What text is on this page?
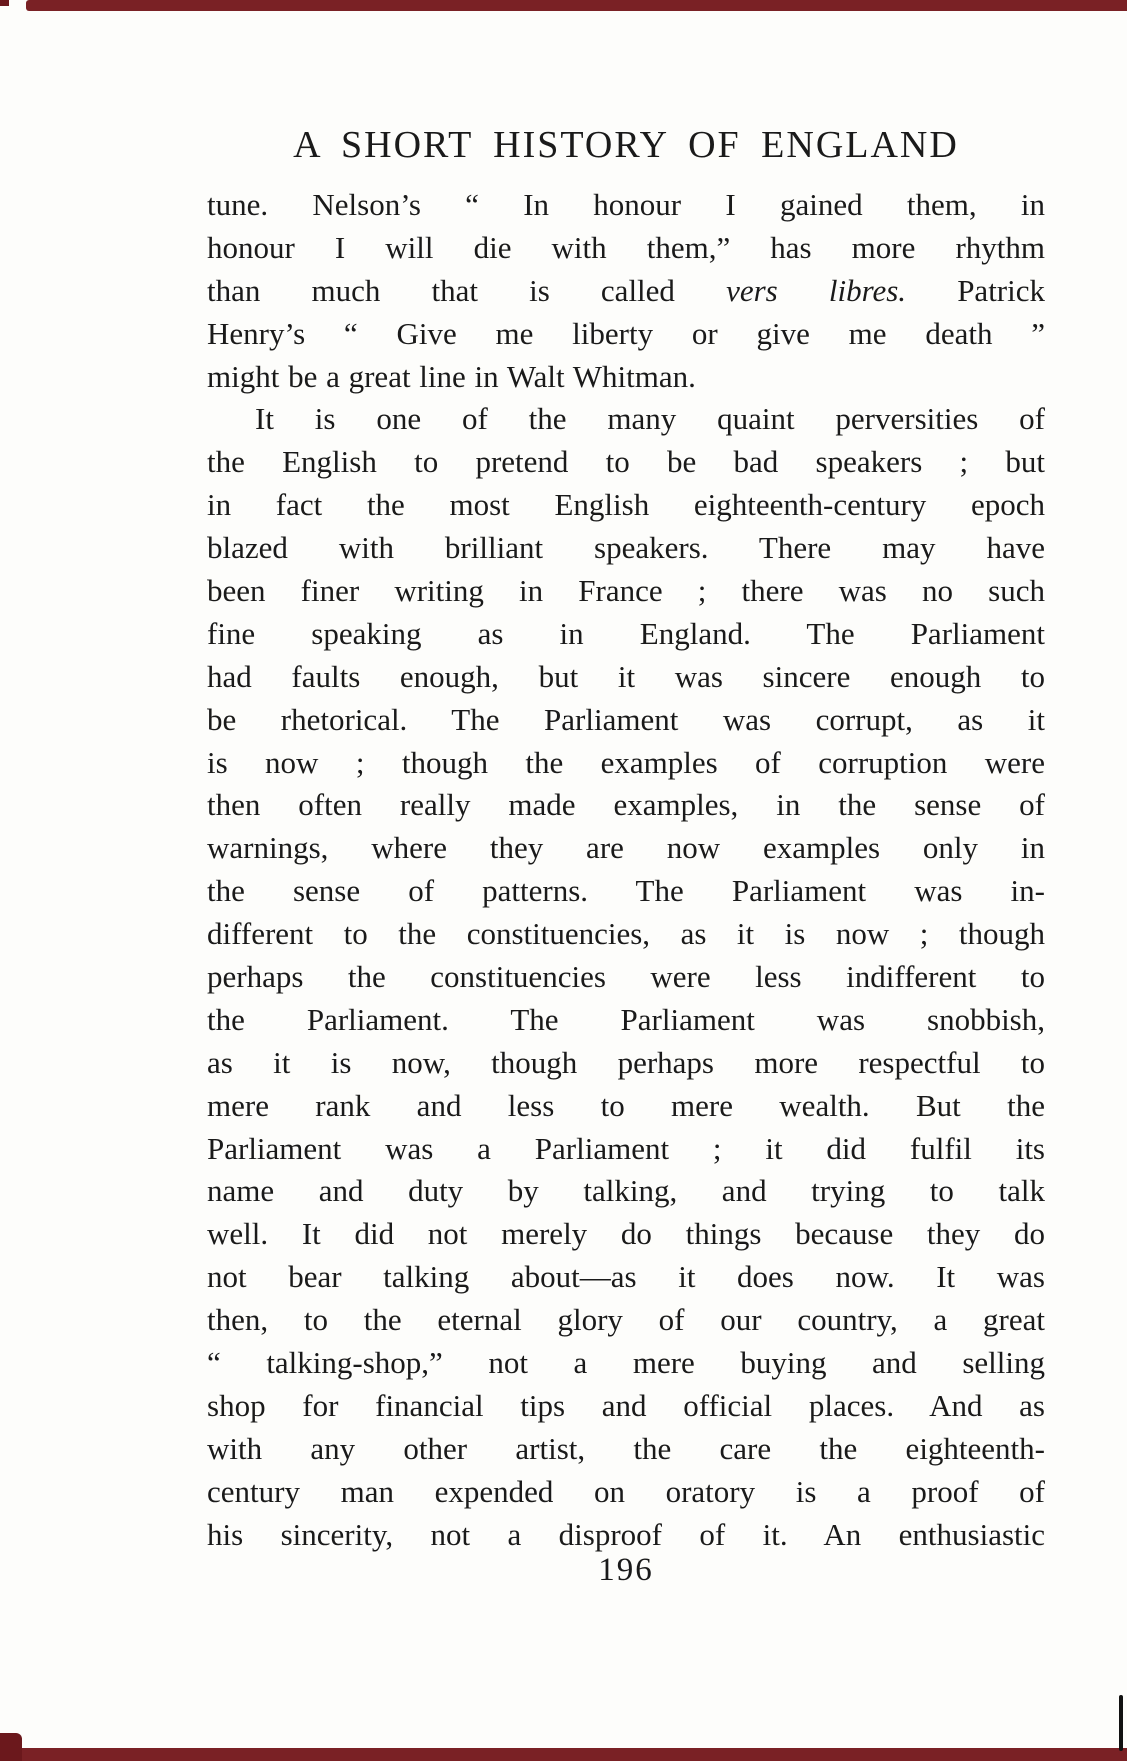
A SHORT HISTORY OF ENGLAND
tune. Nelson’s “ In honour I gained them, in
honour I will die with them,” has more rhythm
than much that is called vers libres. Patrick
Henry’s “ Give me liberty or give me death ”
might be a great line in Walt Whitman.
It is one of the many quaint perversities of
the English to pretend to be bad speakers ; but
in fact the most English eighteenth-century epoch
blazed with brilliant speakers. There may have
been finer writing in France ; there was no such
fine speaking as in England. The Parliament
had faults enough, but it was sincere enough to
be rhetorical. The Parliament was corrupt, as it
is now ; though the examples of corruption were
then often really made examples, in the sense of
warnings, where they are now examples only in
the sense of patterns. The Parliament was in-
different to the constituencies, as it is now ; though
perhaps the constituencies were less indifferent to
the Parliament. The Parliament was snobbish,
as it is now, though perhaps more respectful to
mere rank and less to mere wealth. But the
Parliament was a Parliament ; it did fulfil its
name and duty by talking, and trying to talk
well. It did not merely do things because they do
not bear talking about—as it does now. It was
then, to the eternal glory of our country, a great
“ talking-shop,” not a mere buying and selling
shop for financial tips and official places. And as
with any other artist, the care the eighteenth-
century man expended on oratory is a proof of
his sincerity, not a disproof of it. An enthusiastic
196
